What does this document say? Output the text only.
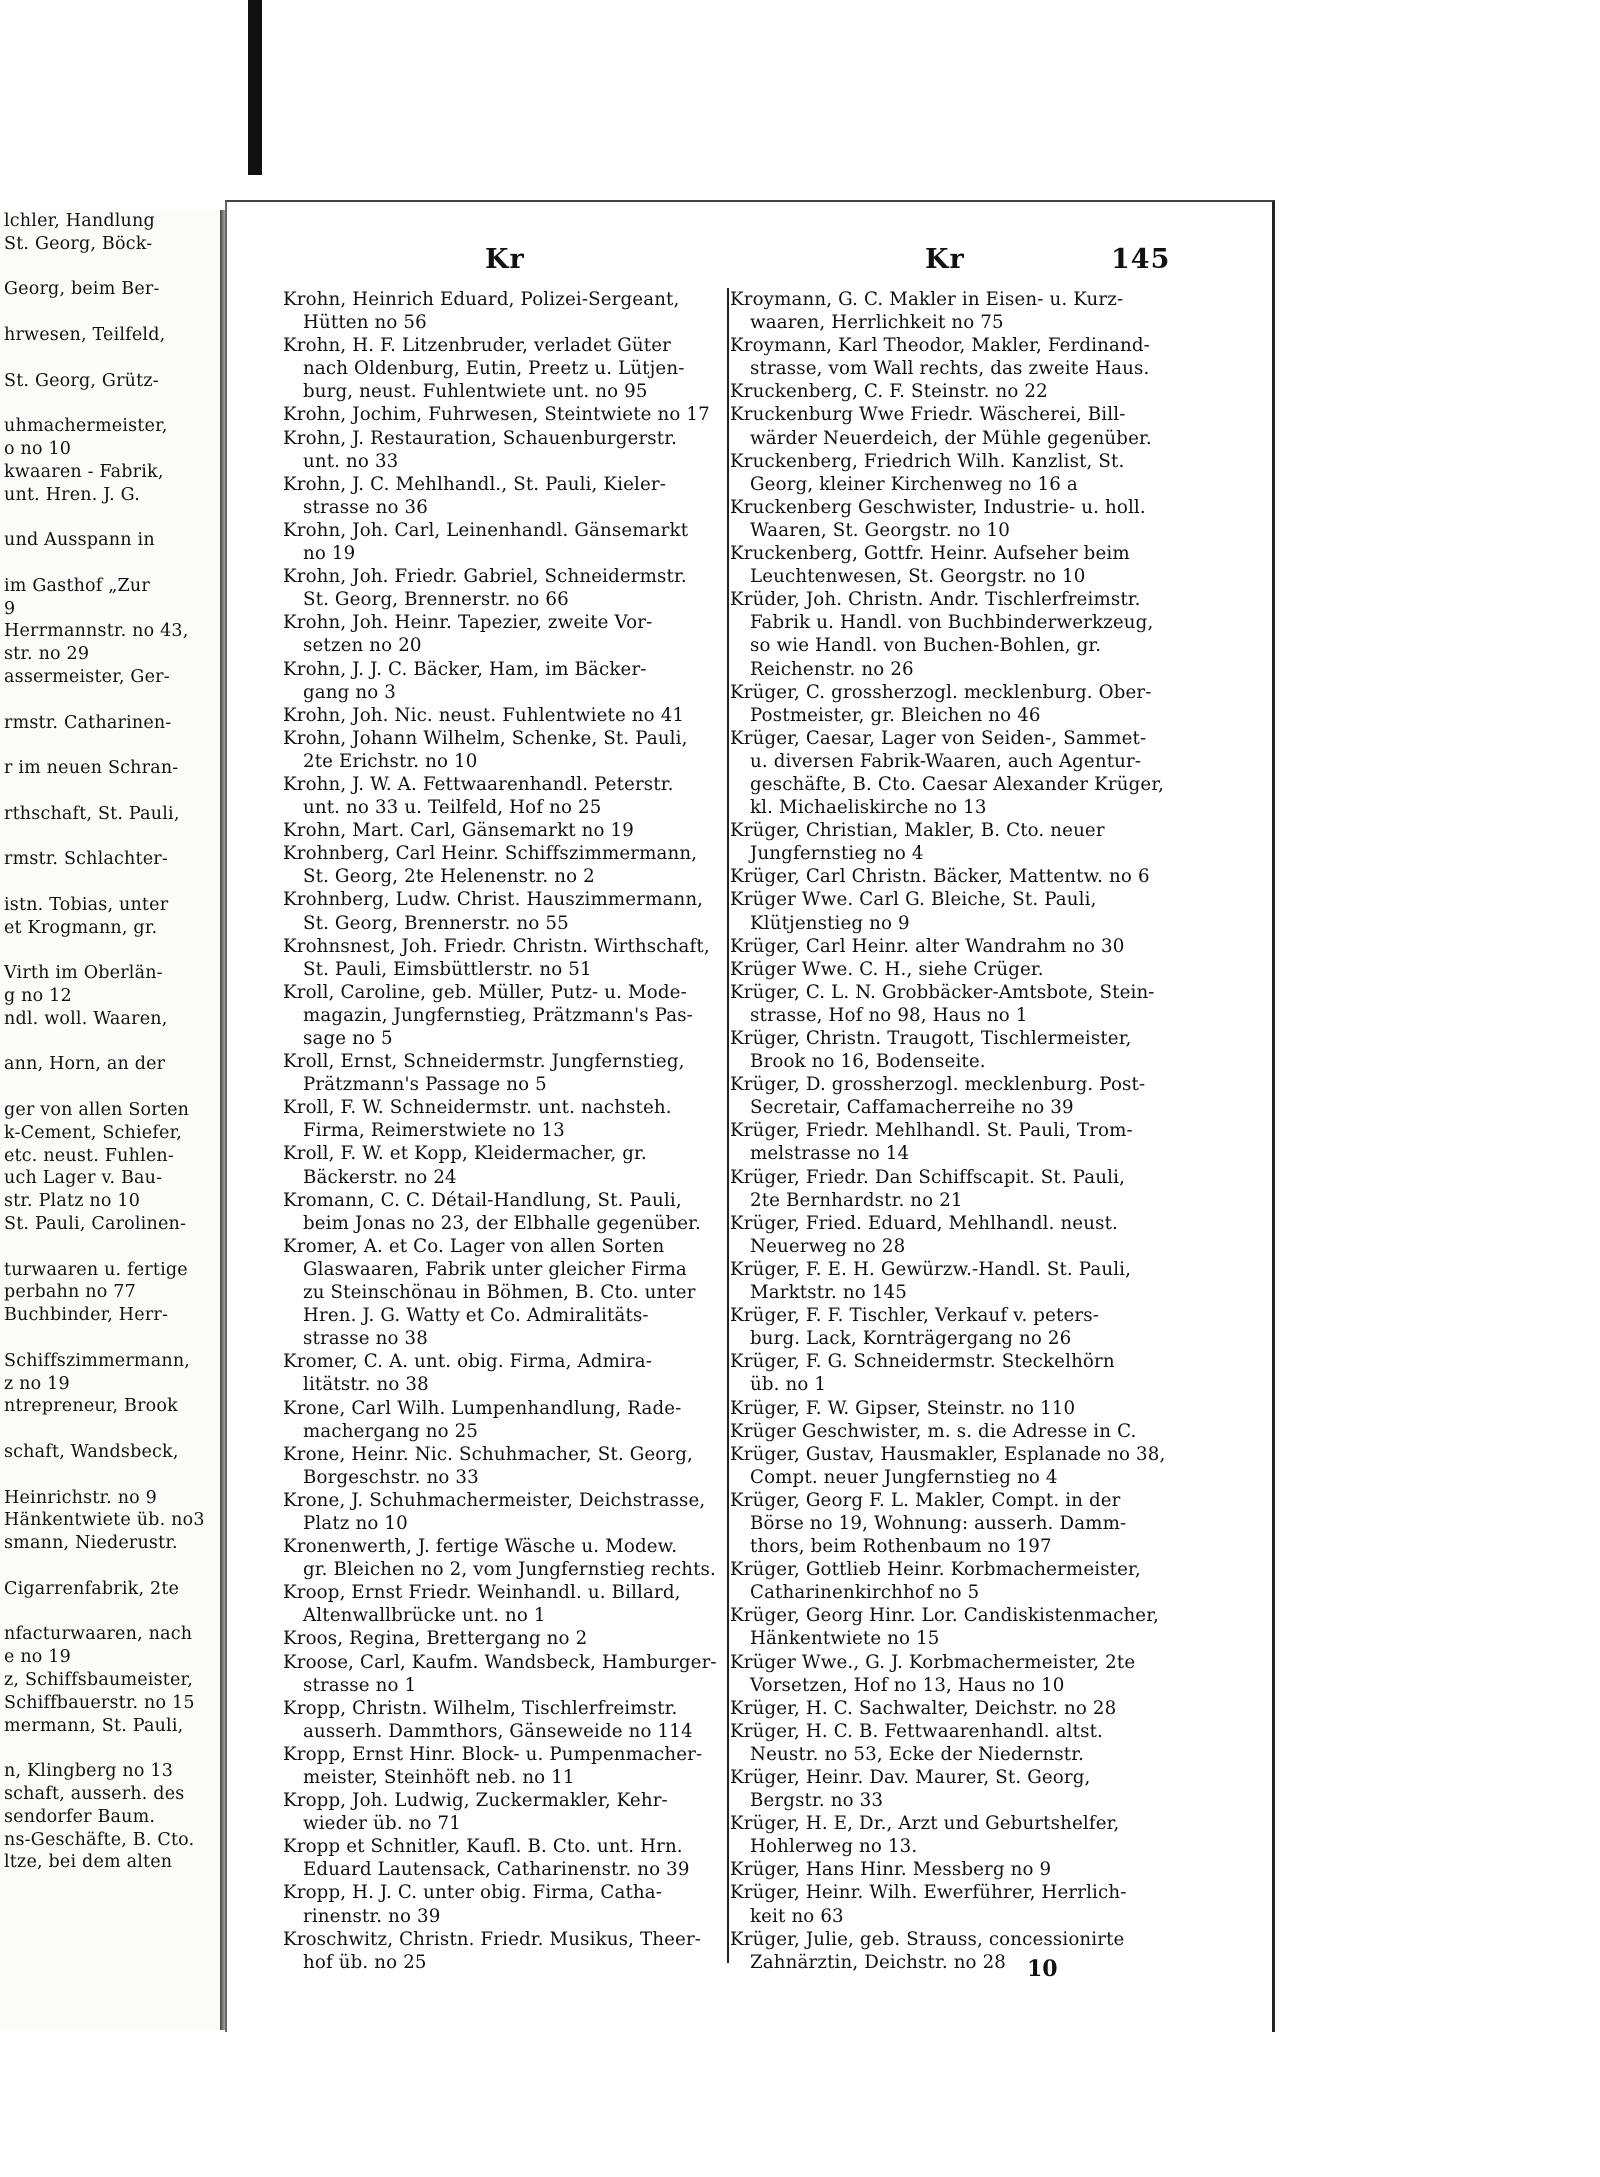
lchler, Handlung
St. Georg, Böck-

Georg, beim Ber-

hrwesen, Teilfeld,

St. Georg, Grütz-

uhmachermeister,
o no 10
kwaaren - Fabrik,
unt. Hren. J. G.

und Ausspann in

im Gasthof „Zur
9
Herrmannstr. no 43,
str. no 29
assermeister, Ger-

rmstr. Catharinen-

r im neuen Schran-

rthschaft, St. Pauli,

rmstr. Schlachter-

istn. Tobias, unter
et Krogmann, gr.

Virth im Oberlän-
g no 12
ndl. woll. Waaren,

ann, Horn, an der

ger von allen Sorten
k-Cement, Schiefer,
etc. neust. Fuhlen-
uch Lager v. Bau-
str. Platz no 10
St. Pauli, Carolinen-

turwaaren u. fertige
perbahn no 77
Buchbinder, Herr-

Schiffszimmermann,
z no 19
ntrepreneur, Brook

schaft, Wandsbeck,

Heinrichstr. no 9
Hänkentwiete üb. no3
smann, Niederustr.

Cigarrenfabrik, 2te

nfacturwaaren, nach
e no 19
z, Schiffsbaumeister,
Schiffbauerstr. no 15
mermann, St. Pauli,

n, Klingberg no 13
schaft, ausserh. des
sendorfer Baum.
ns-Geschäfte, B. Cto.
ltze, bei dem alten
Kr	Kr	145
Krohn, Heinrich Eduard, Polizei-Sergeant,
Hütten no 56
Krohn, H. F. Litzenbruder, verladet Güter
nach Oldenburg, Eutin, Preetz u. Lütjen-
burg, neust. Fuhlentwiete unt. no 95
Krohn, Jochim, Fuhrwesen, Steintwiete no 17
Krohn, J. Restauration, Schauenburgerstr.
unt. no 33
Krohn, J. C. Mehlhandl., St. Pauli, Kieler-
strasse no 36
Krohn, Joh. Carl, Leinenhandl. Gänsemarkt
no 19
Krohn, Joh. Friedr. Gabriel, Schneidermstr.
St. Georg, Brennerstr. no 66
Krohn, Joh. Heinr. Tapezier, zweite Vor-
setzen no 20
Krohn, J. J. C. Bäcker, Ham, im Bäcker-
gang no 3
Krohn, Joh. Nic. neust. Fuhlentwiete no 41
Krohn, Johann Wilhelm, Schenke, St. Pauli,
2te Erichstr. no 10
Krohn, J. W. A. Fettwaarenhandl. Peterstr.
unt. no 33 u. Teilfeld, Hof no 25
Krohn, Mart. Carl, Gänsemarkt no 19
Krohnberg, Carl Heinr. Schiffszimmermann,
St. Georg, 2te Helenenstr. no 2
Krohnberg, Ludw. Christ. Hauszimmermann,
St. Georg, Brennerstr. no 55
Krohnsnest, Joh. Friedr. Christn. Wirthschaft,
St. Pauli, Eimsbüttlerstr. no 51
Kroll, Caroline, geb. Müller, Putz- u. Mode-
magazin, Jungfernstieg, Prätzmann's Pas-
sage no 5
Kroll, Ernst, Schneidermstr. Jungfernstieg,
Prätzmann's Passage no 5
Kroll, F. W. Schneidermstr. unt. nachsteh.
Firma, Reimerstwiete no 13
Kroll, F. W. et Kopp, Kleidermacher, gr.
Bäckerstr. no 24
Kromann, C. C. Détail-Handlung, St. Pauli,
beim Jonas no 23, der Elbhalle gegenüber.
Kromer, A. et Co. Lager von allen Sorten
Glaswaaren, Fabrik unter gleicher Firma
zu Steinschönau in Böhmen, B. Cto. unter
Hren. J. G. Watty et Co. Admiralitäts-
strasse no 38
Kromer, C. A. unt. obig. Firma, Admira-
litätstr. no 38
Krone, Carl Wilh. Lumpenhandlung, Rade-
machergang no 25
Krone, Heinr. Nic. Schuhmacher, St. Georg,
Borgeschstr. no 33
Krone, J. Schuhmachermeister, Deichstrasse,
Platz no 10
Kronenwerth, J. fertige Wäsche u. Modew.
gr. Bleichen no 2, vom Jungfernstieg rechts.
Kroop, Ernst Friedr. Weinhandl. u. Billard,
Altenwallbrücke unt. no 1
Kroos, Regina, Brettergang no 2
Kroose, Carl, Kaufm. Wandsbeck, Hamburger-
strasse no 1
Kropp, Christn. Wilhelm, Tischlerfreimstr.
ausserh. Dammthors, Gänseweide no 114
Kropp, Ernst Hinr. Block- u. Pumpenmacher-
meister, Steinhöft neb. no 11
Kropp, Joh. Ludwig, Zuckermakler, Kehr-
wieder üb. no 71
Kropp et Schnitler, Kaufl. B. Cto. unt. Hrn.
Eduard Lautensack, Catharinenstr. no 39
Kropp, H. J. C. unter obig. Firma, Catha-
rinenstr. no 39
Kroschwitz, Christn. Friedr. Musikus, Theer-
hof üb. no 25
Kroymann, G. C. Makler in Eisen- u. Kurz-
waaren, Herrlichkeit no 75
Kroymann, Karl Theodor, Makler, Ferdinand-
strasse, vom Wall rechts, das zweite Haus.
Kruckenberg, C. F. Steinstr. no 22
Kruckenburg Wwe Friedr. Wäscherei, Bill-
wärder Neuerdeich, der Mühle gegenüber.
Kruckenberg, Friedrich Wilh. Kanzlist, St.
Georg, kleiner Kirchenweg no 16 a
Kruckenberg Geschwister, Industrie- u. holl.
Waaren, St. Georgstr. no 10
Kruckenberg, Gottfr. Heinr. Aufseher beim
Leuchtenwesen, St. Georgstr. no 10
Krüder, Joh. Christn. Andr. Tischlerfreimstr.
Fabrik u. Handl. von Buchbinderwerkzeug,
so wie Handl. von Buchen-Bohlen, gr.
Reichenstr. no 26
Krüger, C. grossherzogl. mecklenburg. Ober-
Postmeister, gr. Bleichen no 46
Krüger, Caesar, Lager von Seiden-, Sammet-
u. diversen Fabrik-Waaren, auch Agentur-
geschäfte, B. Cto. Caesar Alexander Krüger,
kl. Michaeliskirche no 13
Krüger, Christian, Makler, B. Cto. neuer
Jungfernstieg no 4
Krüger, Carl Christn. Bäcker, Mattentw. no 6
Krüger Wwe. Carl G. Bleiche, St. Pauli,
Klütjenstieg no 9
Krüger, Carl Heinr. alter Wandrahm no 30
Krüger Wwe. C. H., siehe Crüger.
Krüger, C. L. N. Grobbäcker-Amtsbote, Stein-
strasse, Hof no 98, Haus no 1
Krüger, Christn. Traugott, Tischlermeister,
Brook no 16, Bodenseite.
Krüger, D. grossherzogl. mecklenburg. Post-
Secretair, Caffamacherreihe no 39
Krüger, Friedr. Mehlhandl. St. Pauli, Trom-
melstrasse no 14
Krüger, Friedr. Dan Schiffscapit. St. Pauli,
2te Bernhardstr. no 21
Krüger, Fried. Eduard, Mehlhandl. neust.
Neuerweg no 28
Krüger, F. E. H. Gewürzw.-Handl. St. Pauli,
Marktstr. no 145
Krüger, F. F. Tischler, Verkauf v. peters-
burg. Lack, Kornträgergang no 26
Krüger, F. G. Schneidermstr. Steckelhörn
üb. no 1
Krüger, F. W. Gipser, Steinstr. no 110
Krüger Geschwister, m. s. die Adresse in C.
Krüger, Gustav, Hausmakler, Esplanade no 38,
Compt. neuer Jungfernstieg no 4
Krüger, Georg F. L. Makler, Compt. in der
Börse no 19, Wohnung: ausserh. Damm-
thors, beim Rothenbaum no 197
Krüger, Gottlieb Heinr. Korbmachermeister,
Catharinenkirchhof no 5
Krüger, Georg Hinr. Lor. Candiskistenmacher,
Hänkentwiete no 15
Krüger Wwe., G. J. Korbmachermeister, 2te
Vorsetzen, Hof no 13, Haus no 10
Krüger, H. C. Sachwalter, Deichstr. no 28
Krüger, H. C. B. Fettwaarenhandl. altst.
Neustr. no 53, Ecke der Niedernstr.
Krüger, Heinr. Dav. Maurer, St. Georg,
Bergstr. no 33
Krüger, H. E, Dr., Arzt und Geburtshelfer,
Hohlerweg no 13.
Krüger, Hans Hinr. Messberg no 9
Krüger, Heinr. Wilh. Ewerführer, Herrlich-
keit no 63
Krüger, Julie, geb. Strauss, concessionirte
Zahnärztin, Deichstr. no 28 10
